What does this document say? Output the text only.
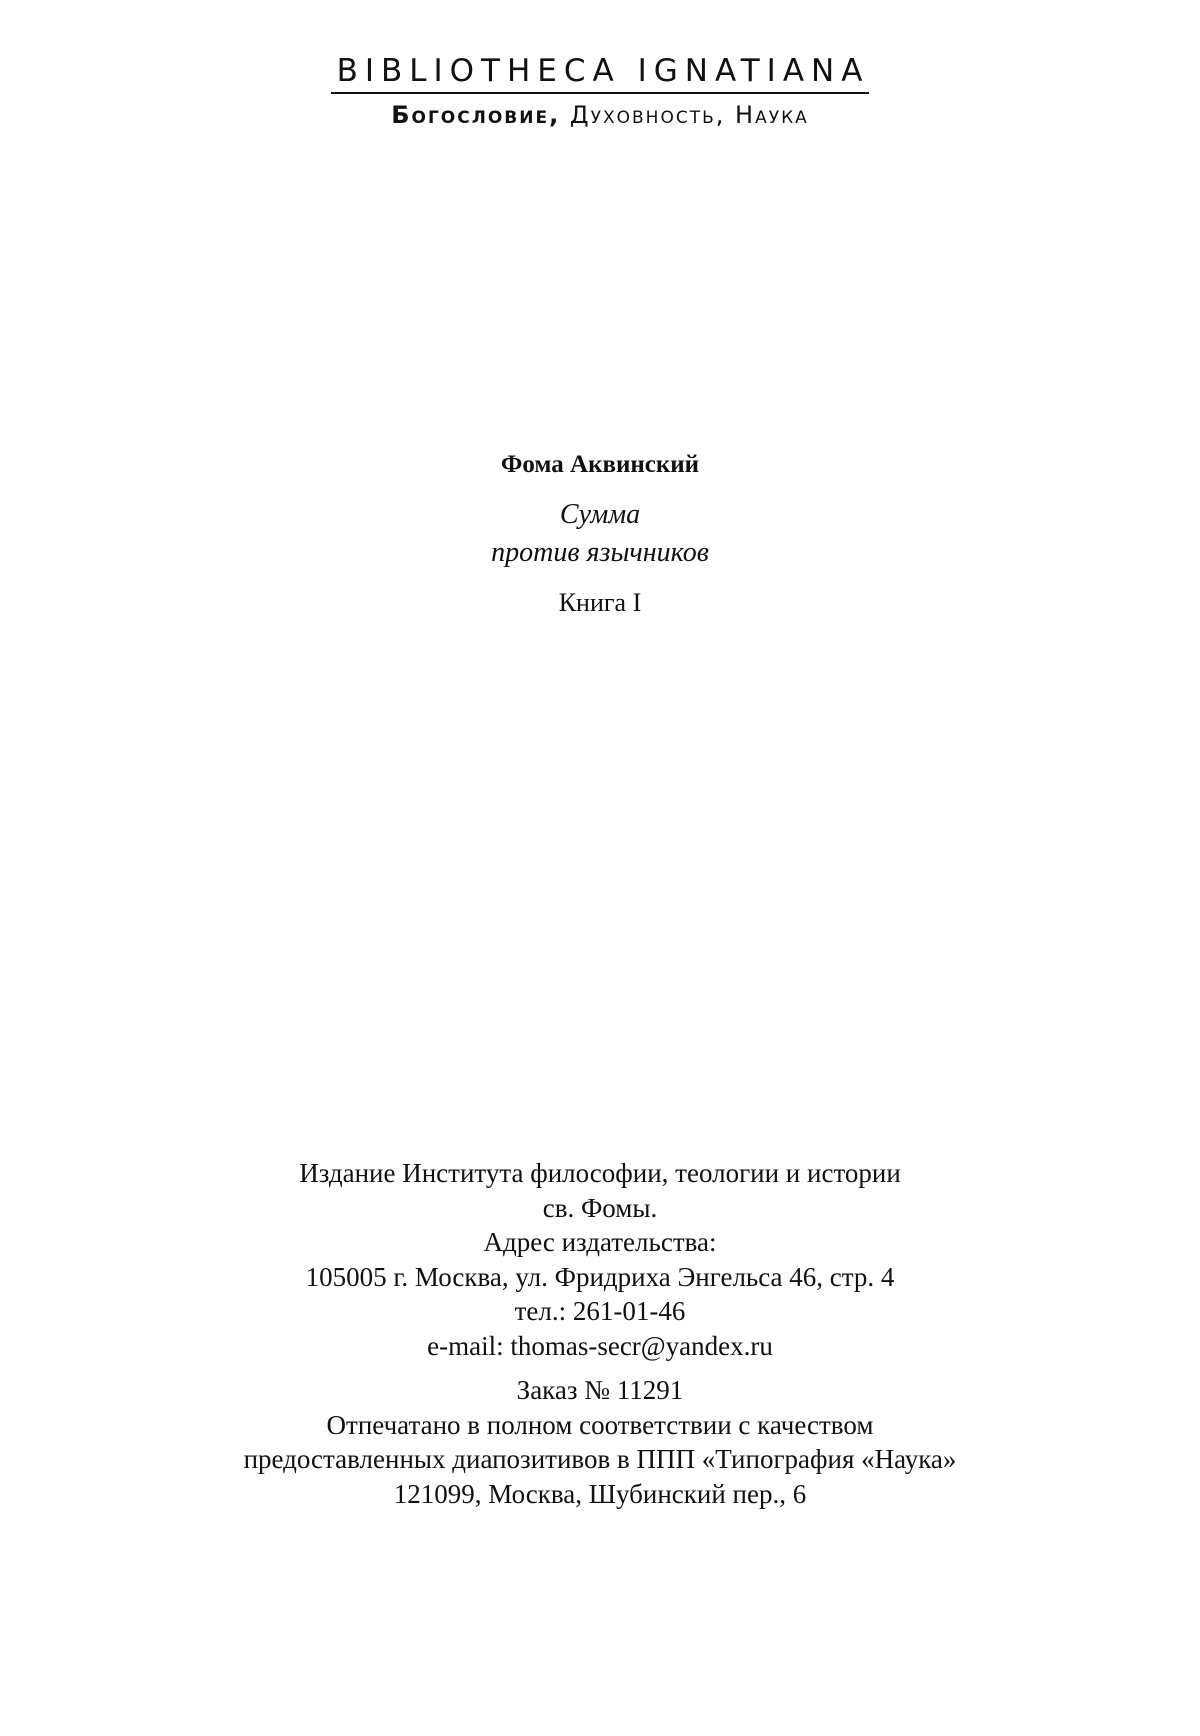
BIBLIOTHECA IGNATIANA
Богословие, Духовность, Наука
Фома Аквинский
Сумма
против язычников
Книга I
Издание Института философии, теологии и истории
св. Фомы.
Адрес издательства:
105005 г. Москва, ул. Фридриха Энгельса 46, стр. 4
тел.: 261-01-46
e-mail: thomas-secr@yandex.ru
Заказ № 11291
Отпечатано в полном соответствии с качеством
предоставленных диапозитивов в ППП «Типография «Наука»
121099, Москва, Шубинский пер., 6
